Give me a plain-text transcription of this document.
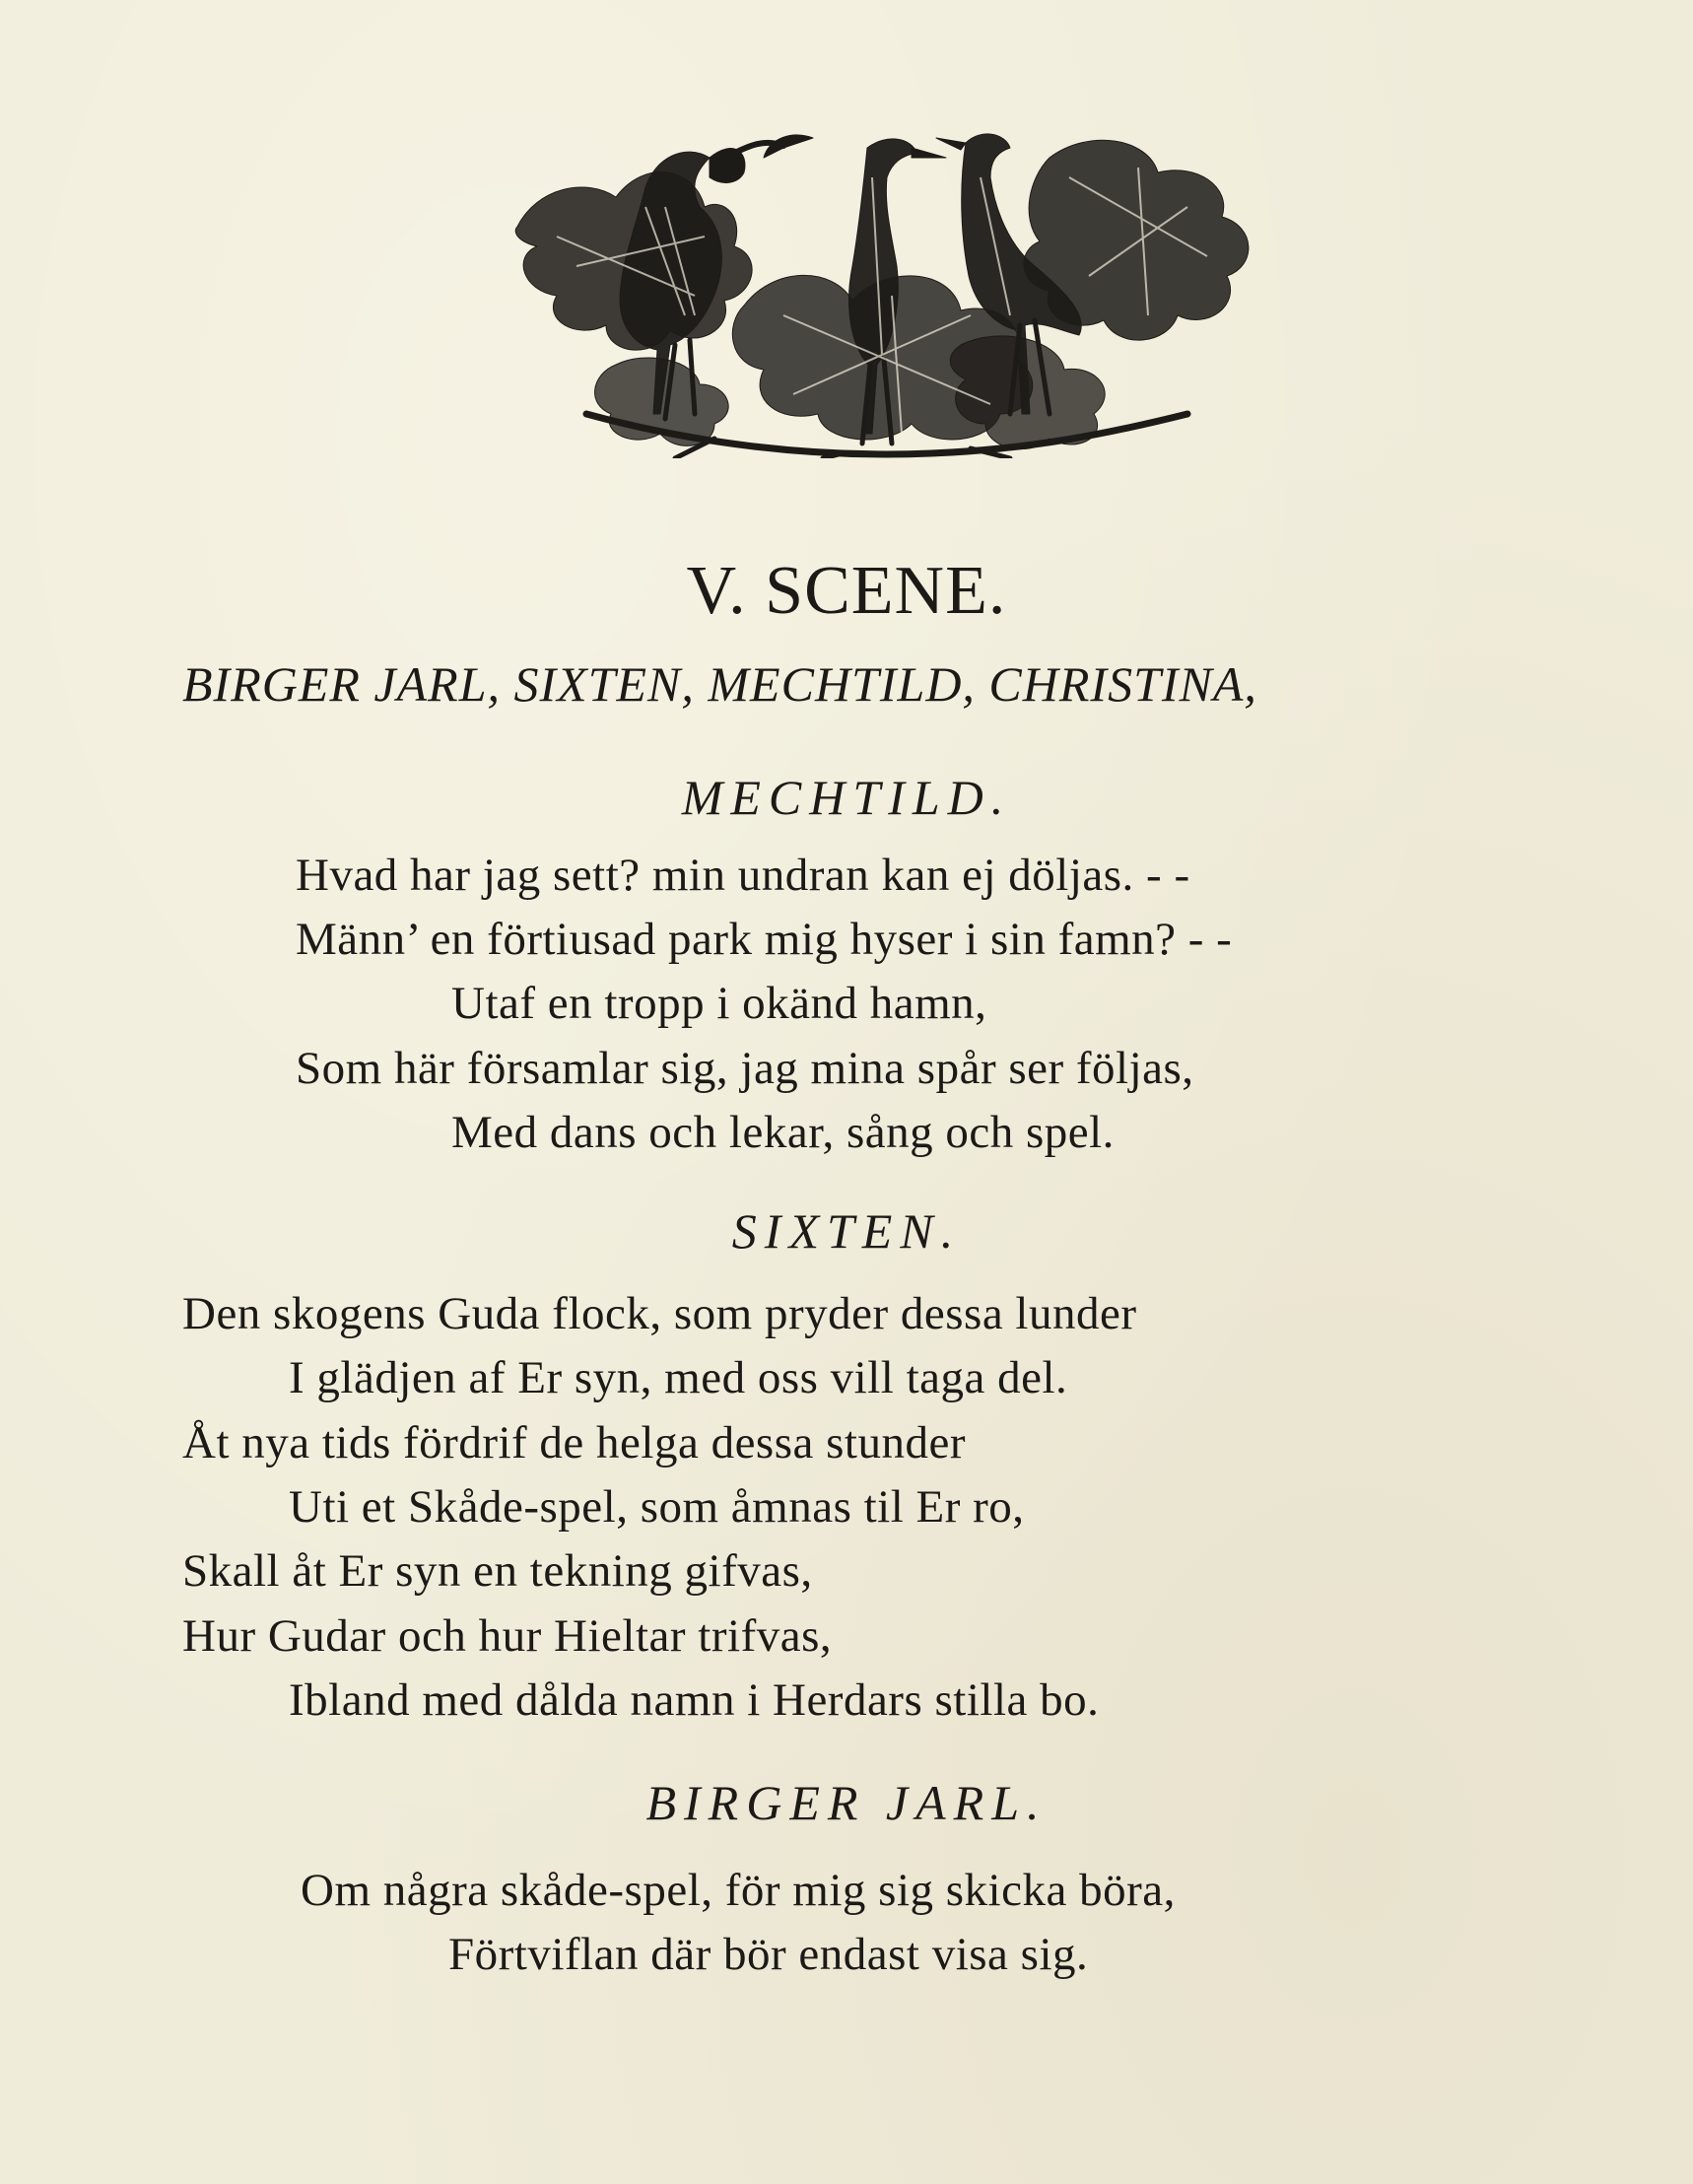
V. SCENE.
BIRGER JARL, SIXTEN, MECHTILD, CHRISTINA,
MECHTILD.
Hvad har jag sett? min undran kan ej döljas. - -
Männ’ en förtiusad park mig hyser i sin famn? - -
Utaf en tropp i okänd hamn,
Som här församlar sig, jag mina spår ser följas,
Med dans och lekar, sång och spel.
SIXTEN.
Den skogens Guda flock, som pryder dessa lunder
I glädjen af Er syn, med oss vill taga del.
Åt nya tids fördrif de helga dessa stunder
Uti et Skåde-spel, som åmnas til Er ro,
Skall åt Er syn en tekning gifvas,
Hur Gudar och hur Hieltar trifvas,
Ibland med dålda namn i Herdars stilla bo.
BIRGER JARL.
Om några skåde-spel, för mig sig skicka böra,
Förtviflan där bör endast visa sig.
